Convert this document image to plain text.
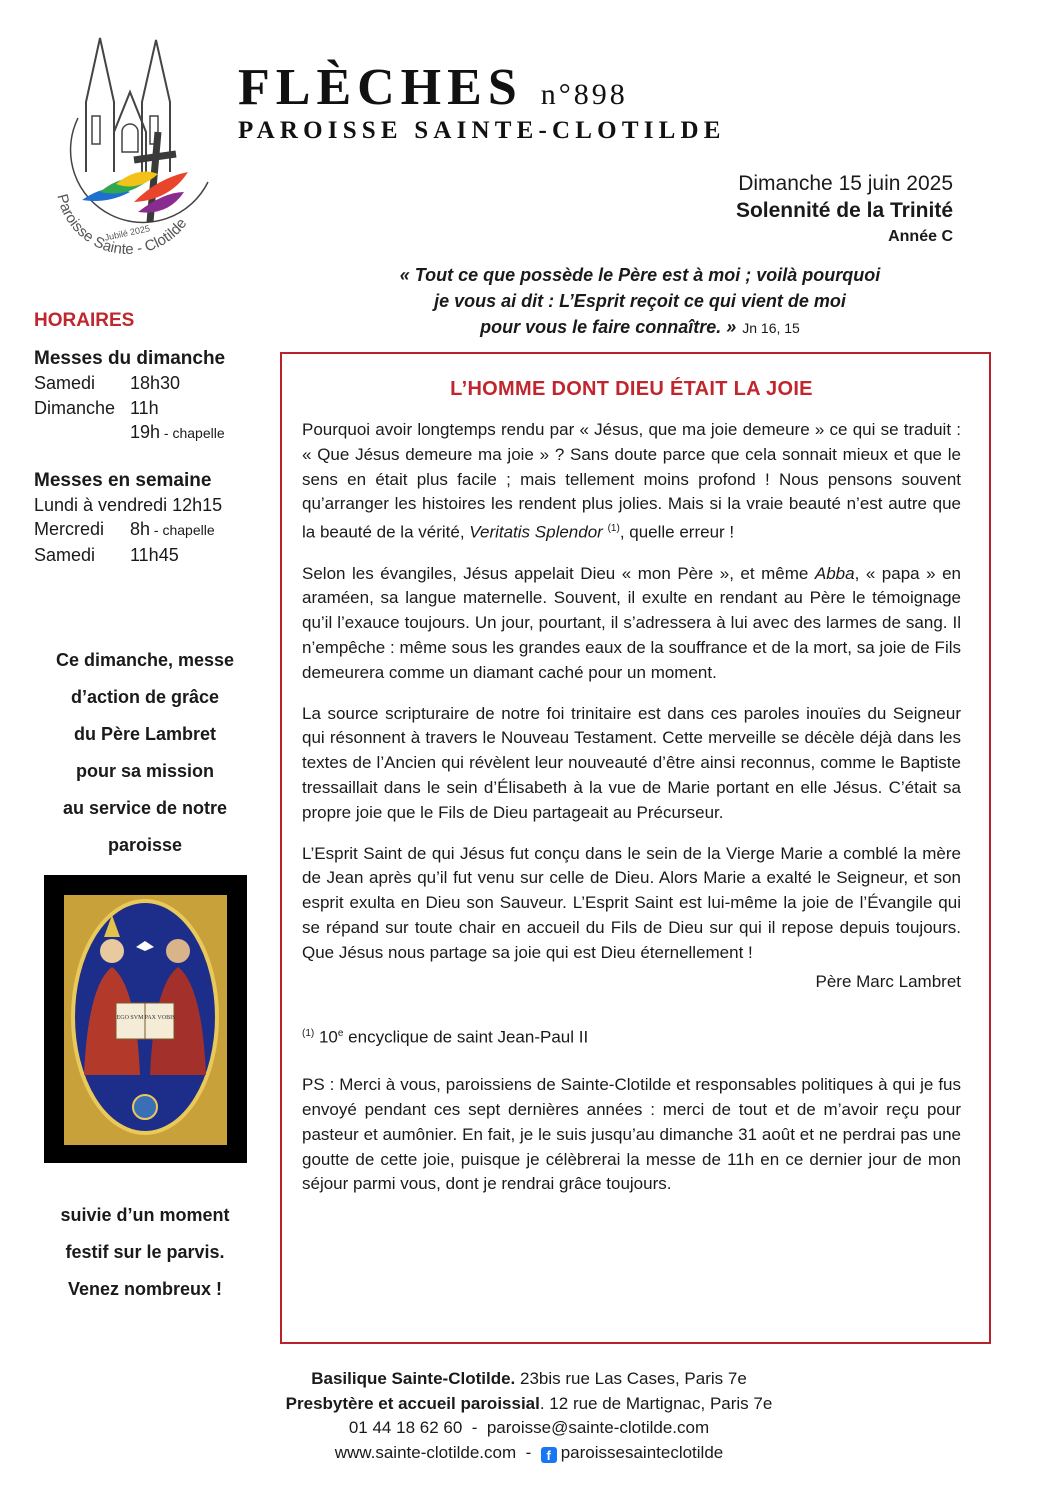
Jubilé 2025
Paroisse Sainte - Clotilde
FLÈCHES n°898
PAROISSE SAINTE-CLOTILDE
Dimanche 15 juin 2025
Solennité de la Trinité
Année C
« Tout ce que possède le Père est à moi ; voilà pourquoi
je vous ai dit : L’Esprit reçoit ce qui vient de moi
pour vous le faire connaître. » Jn 16, 15
HORAIRES
Messes du dimanche
Samedi 18h30
Dimanche 11h
19h - chapelle
Messes en semaine
Lundi à vendredi 12h15
Mercredi 8h - chapelle
Samedi 11h45
Ce dimanche, messe
d’action de grâce
du Père Lambret
pour sa mission
au service de notre
paroisse
EGO SVM PAX VOBIS
suivie d’un moment
festif sur le parvis.
Venez nombreux !
L’HOMME DONT DIEU ÉTAIT LA JOIE

Pourquoi avoir longtemps rendu par « Jésus, que ma joie demeure » ce qui se traduit : « Que Jésus demeure ma joie » ? Sans doute parce que cela sonnait mieux et que le sens en était plus facile ; mais tellement moins profond ! Nous pensons souvent qu’arranger les histoires les rendent plus jolies. Mais si la vraie beauté n’est autre que la beauté de la vérité, Veritatis Splendor $^{(1)}$, quelle erreur !

Selon les évangiles, Jésus appelait Dieu « mon Père », et même Abba, « papa » en araméen, sa langue maternelle. Souvent, il exulte en rendant au Père le témoignage qu’il l’exauce toujours. Un jour, pourtant, il s’adressera à lui avec des larmes de sang. Il n’empêche : même sous les grandes eaux de la souffrance et de la mort, sa joie de Fils demeurera comme un diamant caché pour un moment.

La source scripturaire de notre foi trinitaire est dans ces paroles inouïes du Seigneur qui résonnent à travers le Nouveau Testament. Cette merveille se décèle déjà dans les textes de l’Ancien qui révèlent leur nouveauté d’être ainsi reconnus, comme le Baptiste tressaillait dans le sein d’Élisabeth à la vue de Marie portant en elle Jésus. C’était sa propre joie que le Fils de Dieu partageait au Précurseur.

L’Esprit Saint de qui Jésus fut conçu dans le sein de la Vierge Marie a comblé la mère de Jean après qu’il fut venu sur celle de Dieu. Alors Marie a exalté le Seigneur, et son esprit exulta en Dieu son Sauveur. L’Esprit Saint est lui-même la joie de l’Évangile qui se répand sur toute chair en accueil du Fils de Dieu sur qui il repose depuis toujours. Que Jésus nous partage sa joie qui est Dieu éternellement !

Père Marc Lambret
$^{(1)}$ 10e encyclique de saint Jean-Paul II

PS : Merci à vous, paroissiens de Sainte-Clotilde et responsables politiques à qui je fus envoyé pendant ces sept dernières années : merci de tout et de m’avoir reçu pour pasteur et aumônier. En fait, je le suis jusqu’au dimanche 31 août et ne perdrai pas une goutte de cette joie, puisque je célèbrerai la messe de 11h en ce dernier jour de mon séjour parmi vous, dont je rendrai grâce toujours.

Basilique Sainte-Clotilde. 23bis rue Las Cases, Paris 7e
Presbytère et accueil paroissial. 12 rue de Martignac, Paris 7e
01 44 18 62 60  -  paroisse@sainte-clotilde.com
www.sainte-clotilde.com  -  f paroissesainteclotilde
